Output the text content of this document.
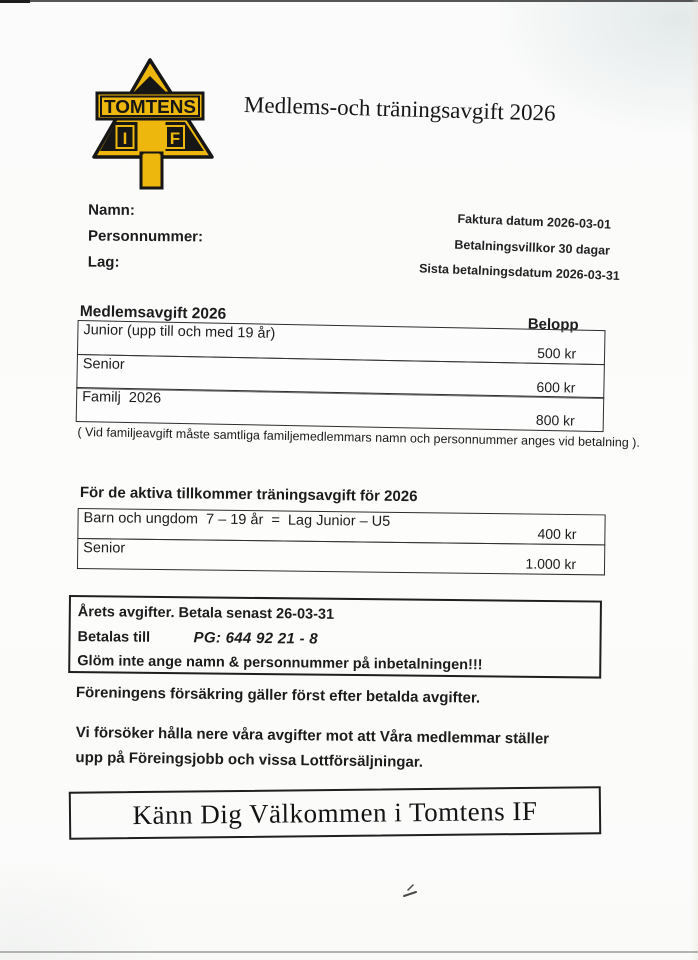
TOMTENS
I F
Medlems-och träningsavgift 2026
Namn:
Personnummer:
Lag:
Faktura datum 2026-03-01
Betalningsvillkor 30 dagar
Sista betalningsdatum 2026-03-31
Medlemsavgift 2026
Belopp
Junior (upp till och med 19 år)
500 kr
Senior
600 kr
Familj  2026
800 kr
( Vid familjeavgift måste samtliga familjemedlemmars namn och personnummer anges vid betalning ).
För de aktiva tillkommer träningsavgift för 2026
Barn och ungdom  7 – 19 år  =  Lag Junior – U5
400 kr
Senior
1.000 kr
Årets avgifter. Betala senast 26-03-31
Betalas till	PG: 644 92 21 - 8
Glöm inte ange namn & personnummer på inbetalningen!!!
Föreningens försäkring gäller först efter betalda avgifter.
Vi försöker hålla nere våra avgifter mot att Våra medlemmar ställer
upp på Föreingsjobb och vissa Lottförsäljningar.
Känn Dig Välkommen i Tomtens IF
